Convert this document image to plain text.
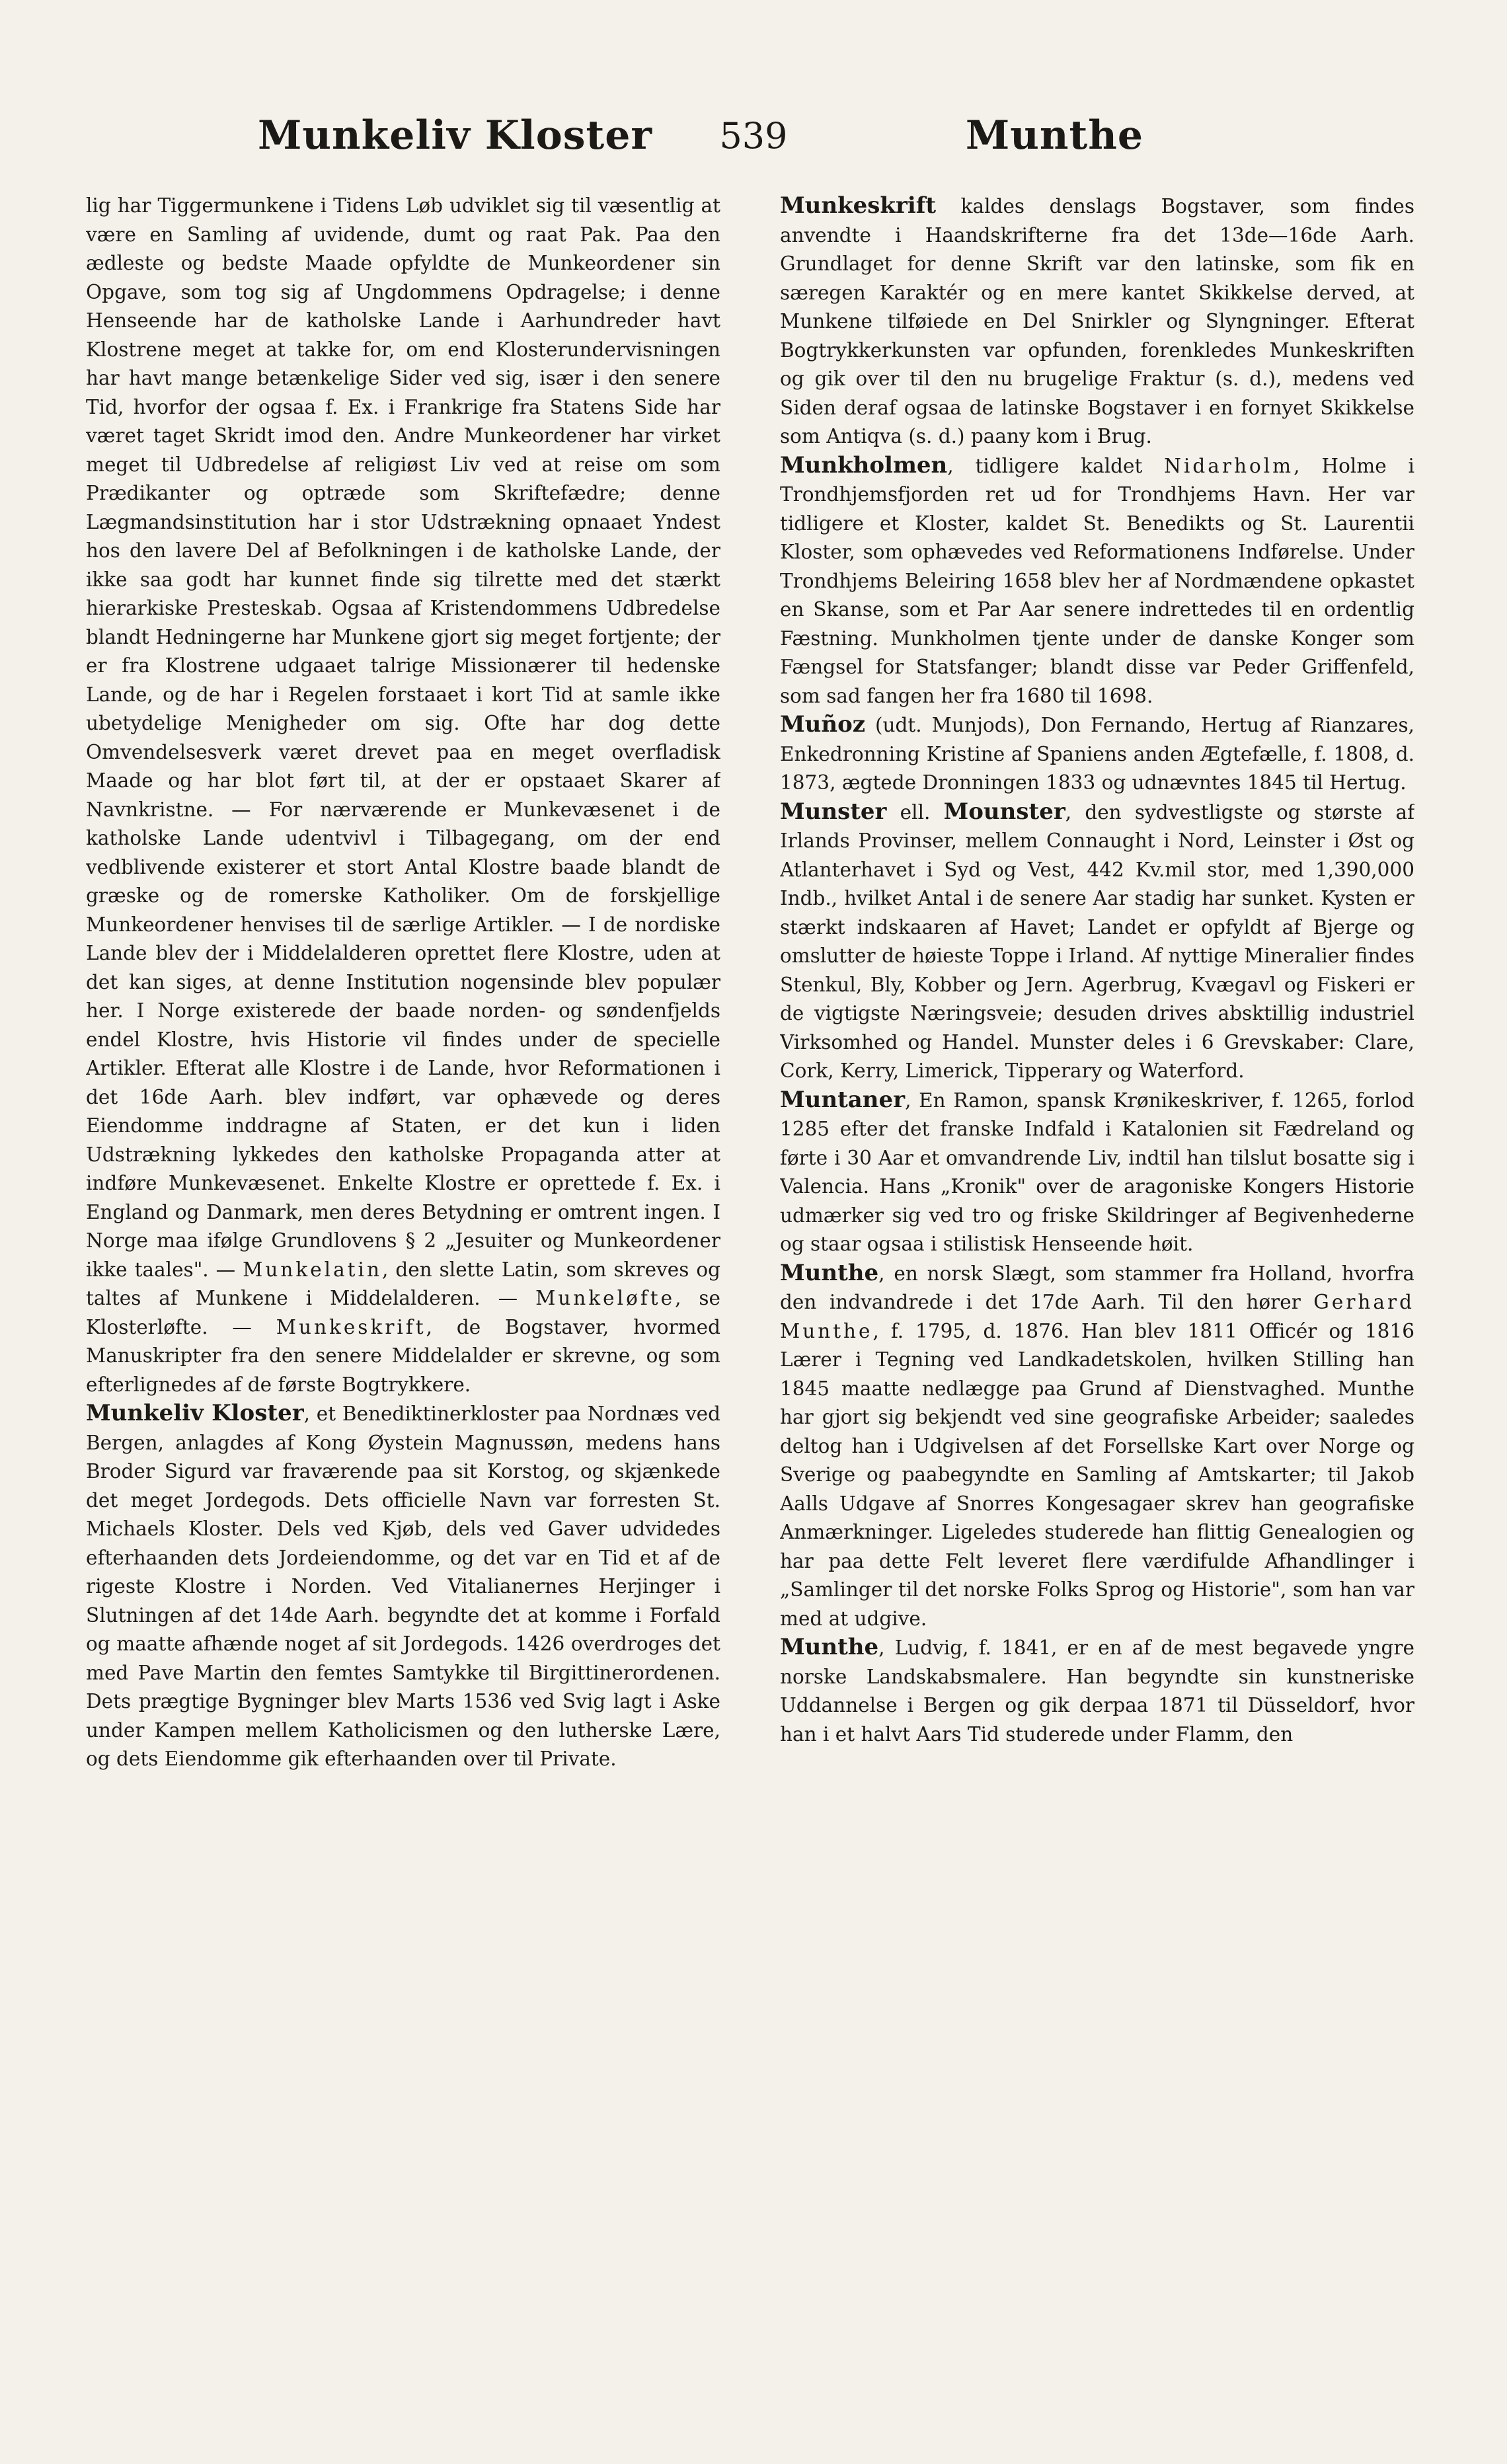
Munkeliv Kloster	539	Munthe

lig har Tiggermunkene i Tidens Løb udviklet sig til væsentlig at være en Samling af uvidende, dumt og raat Pak. Paa den ædleste og bedste Maade opfyldte de Munkeordener sin Opgave, som tog sig af Ungdommens Opdragelse; i denne Henseende har de katholske Lande i Aarhundreder havt Klostrene meget at takke for, om end Klosterundervisningen har havt mange betænkelige Sider ved sig, især i den senere Tid, hvorfor der ogsaa f. Ex. i Frankrige fra Statens Side har været taget Skridt imod den. Andre Munkeordener har virket meget til Udbredelse af religiøst Liv ved at reise om som Prædikanter og optræde som Skriftefædre; denne Lægmandsinstitution har i stor Udstrækning opnaaet Yndest hos den lavere Del af Befolkningen i de katholske Lande, der ikke saa godt har kunnet finde sig tilrette med det stærkt hierarkiske Presteskab. Ogsaa af Kristendommens Udbredelse blandt Hedningerne har Munkene gjort sig meget fortjente; der er fra Klostrene udgaaet talrige Missionærer til hedenske Lande, og de har i Regelen forstaaet i kort Tid at samle ikke ubetydelige Menigheder om sig. Ofte har dog dette Omvendelsesverk været drevet paa en meget overfladisk Maade og har blot ført til, at der er opstaaet Skarer af Navnkristne. — For nærværende er Munkevæsenet i de katholske Lande udentvivl i Tilbagegang, om der end vedblivende existerer et stort Antal Klostre baade blandt de græske og de romerske Katholiker. Om de forskjellige Munkeordener henvises til de særlige Artikler. — I de nordiske Lande blev der i Middelalderen oprettet flere Klostre, uden at det kan siges, at denne Institution nogensinde blev populær her. I Norge existerede der baade norden- og søndenfjelds endel Klostre, hvis Historie vil findes under de specielle Artikler. Efterat alle Klostre i de Lande, hvor Reformationen i det 16de Aarh. blev indført, var ophævede og deres Eiendomme inddragne af Staten, er det kun i liden Udstrækning lykkedes den katholske Propaganda atter at indføre Munkevæsenet. Enkelte Klostre er oprettede f. Ex. i England og Danmark, men deres Betydning er omtrent ingen. I Norge maa ifølge Grundlovens § 2 „Jesuiter og Munkeordener ikke taales". — Munkelatin, den slette Latin, som skreves og taltes af Munkene i Middelalderen. — Munkeløfte, se Klosterløfte. — Munkeskrift, de Bogstaver, hvormed Manuskripter fra den senere Middelalder er skrevne, og som efterlignedes af de første Bogtrykkere.

Munkeliv Kloster, et Benediktinerkloster paa Nordnæs ved Bergen, anlagdes af Kong Øystein Magnussøn, medens hans Broder Sigurd var fraværende paa sit Korstog, og skjænkede det meget Jordegods. Dets officielle Navn var forresten St. Michaels Kloster. Dels ved Kjøb, dels ved Gaver udvidedes efterhaanden dets Jordeiendomme, og det var en Tid et af de rigeste Klostre i Norden. Ved Vitalianernes Herjinger i Slutningen af det 14de Aarh. begyndte det at komme i Forfald og maatte afhænde noget af sit Jordegods. 1426 overdroges det med Pave Martin den femtes Samtykke til Birgittinerordenen. Dets prægtige Bygninger blev Marts 1536 ved Svig lagt i Aske under Kampen mellem Katholicismen og den lutherske Lære, og dets Eiendomme gik efterhaanden over til Private.

Munkeskrift kaldes denslags Bogstaver, som findes anvendte i Haandskrifterne fra det 13de—16de Aarh. Grundlaget for denne Skrift var den latinske, som fik en særegen Karaktér og en mere kantet Skikkelse derved, at Munkene tilføiede en Del Snirkler og Slyngninger. Efterat Bogtrykkerkunsten var opfunden, forenkledes Munkeskriften og gik over til den nu brugelige Fraktur (s. d.), medens ved Siden deraf ogsaa de latinske Bogstaver i en fornyet Skikkelse som Antiqva (s. d.) paany kom i Brug.

Munkholmen, tidligere kaldet Nidarholm, Holme i Trondhjemsfjorden ret ud for Trondhjems Havn. Her var tidligere et Kloster, kaldet St. Benedikts og St. Laurentii Kloster, som ophævedes ved Reformationens Indførelse. Under Trondhjems Beleiring 1658 blev her af Nordmændene opkastet en Skanse, som et Par Aar senere indrettedes til en ordentlig Fæstning. Munkholmen tjente under de danske Konger som Fængsel for Statsfanger; blandt disse var Peder Griffenfeld, som sad fangen her fra 1680 til 1698.

Muñoz (udt. Munjods), Don Fernando, Hertug af Rianzares, Enkedronning Kristine af Spaniens anden Ægtefælle, f. 1808, d. 1873, ægtede Dronningen 1833 og udnævntes 1845 til Hertug.

Munster ell. Mounster, den sydvestligste og største af Irlands Provinser, mellem Connaught i Nord, Leinster i Øst og Atlanterhavet i Syd og Vest, 442 Kv.mil stor, med 1,390,000 Indb., hvilket Antal i de senere Aar stadig har sunket. Kysten er stærkt indskaaren af Havet; Landet er opfyldt af Bjerge og omslutter de høieste Toppe i Irland. Af nyttige Mineralier findes Stenkul, Bly, Kobber og Jern. Agerbrug, Kvægavl og Fiskeri er de vigtigste Næringsveie; desuden drives absktillig industriel Virksomhed og Handel. Munster deles i 6 Grevskaber: Clare, Cork, Kerry, Limerick, Tipperary og Waterford.

Muntaner, En Ramon, spansk Krønikeskriver, f. 1265, forlod 1285 efter det franske Indfald i Katalonien sit Fædreland og førte i 30 Aar et omvandrende Liv, indtil han tilslut bosatte sig i Valencia. Hans „Kronik" over de aragoniske Kongers Historie udmærker sig ved tro og friske Skildringer af Begivenhederne og staar ogsaa i stilistisk Henseende høit.

Munthe, en norsk Slægt, som stammer fra Holland, hvorfra den indvandrede i det 17de Aarh. Til den hører Gerhard Munthe, f. 1795, d. 1876. Han blev 1811 Officér og 1816 Lærer i Tegning ved Landkadetskolen, hvilken Stilling han 1845 maatte nedlægge paa Grund af Dienstvaghed. Munthe har gjort sig bekjendt ved sine geografiske Arbeider; saaledes deltog han i Udgivelsen af det Forsellske Kart over Norge og Sverige og paabegyndte en Samling af Amtskarter; til Jakob Aalls Udgave af Snorres Kongesagaer skrev han geografiske Anmærkninger. Ligeledes studerede han flittig Genealogien og har paa dette Felt leveret flere værdifulde Afhandlinger i „Samlinger til det norske Folks Sprog og Historie", som han var med at udgive.

Munthe, Ludvig, f. 1841, er en af de mest begavede yngre norske Landskabsmalere. Han begyndte sin kunstneriske Uddannelse i Bergen og gik derpaa 1871 til Düsseldorf, hvor han i et halvt Aars Tid studerede under Flamm, den
